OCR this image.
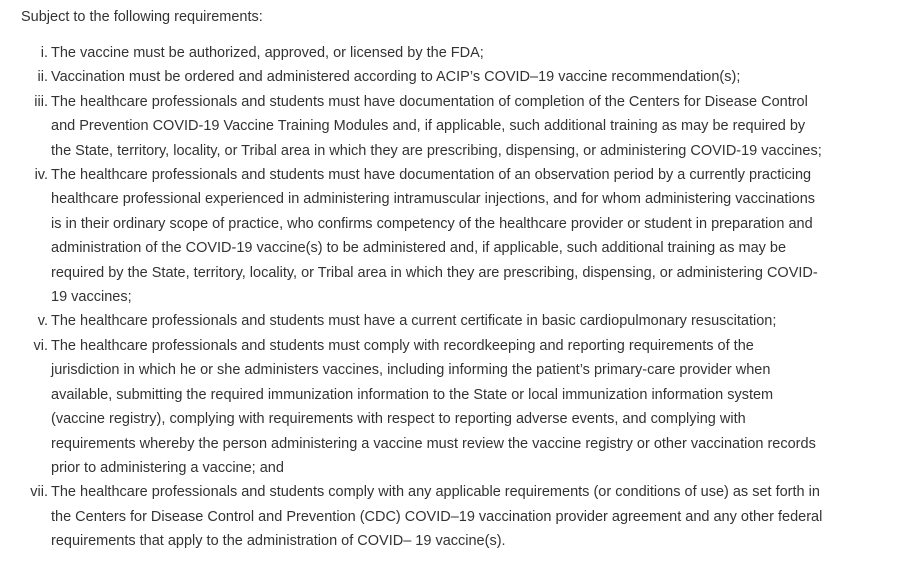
Subject to the following requirements:

i. The vaccine must be authorized, approved, or licensed by the FDA;
ii. Vaccination must be ordered and administered according to ACIP’s COVID–19 vaccine recommendation(s);
iii. The healthcare professionals and students must have documentation of completion of the Centers for Disease Control
and Prevention COVID-19 Vaccine Training Modules and, if applicable, such additional training as may be required by
the State, territory, locality, or Tribal area in which they are prescribing, dispensing, or administering COVID-19 vaccines;
iv. The healthcare professionals and students must have documentation of an observation period by a currently practicing
healthcare professional experienced in administering intramuscular injections, and for whom administering vaccinations
is in their ordinary scope of practice, who confirms competency of the healthcare provider or student in preparation and
administration of the COVID-19 vaccine(s) to be administered and, if applicable, such additional training as may be
required by the State, territory, locality, or Tribal area in which they are prescribing, dispensing, or administering COVID-
19 vaccines;
v. The healthcare professionals and students must have a current certificate in basic cardiopulmonary resuscitation;
vi. The healthcare professionals and students must comply with recordkeeping and reporting requirements of the
jurisdiction in which he or she administers vaccines, including informing the patient’s primary-care provider when
available, submitting the required immunization information to the State or local immunization information system
(vaccine registry), complying with requirements with respect to reporting adverse events, and complying with
requirements whereby the person administering a vaccine must review the vaccine registry or other vaccination records
prior to administering a vaccine; and
vii. The healthcare professionals and students comply with any applicable requirements (or conditions of use) as set forth in
the Centers for Disease Control and Prevention (CDC) COVID–19 vaccination provider agreement and any other federal
requirements that apply to the administration of COVID– 19 vaccine(s).
